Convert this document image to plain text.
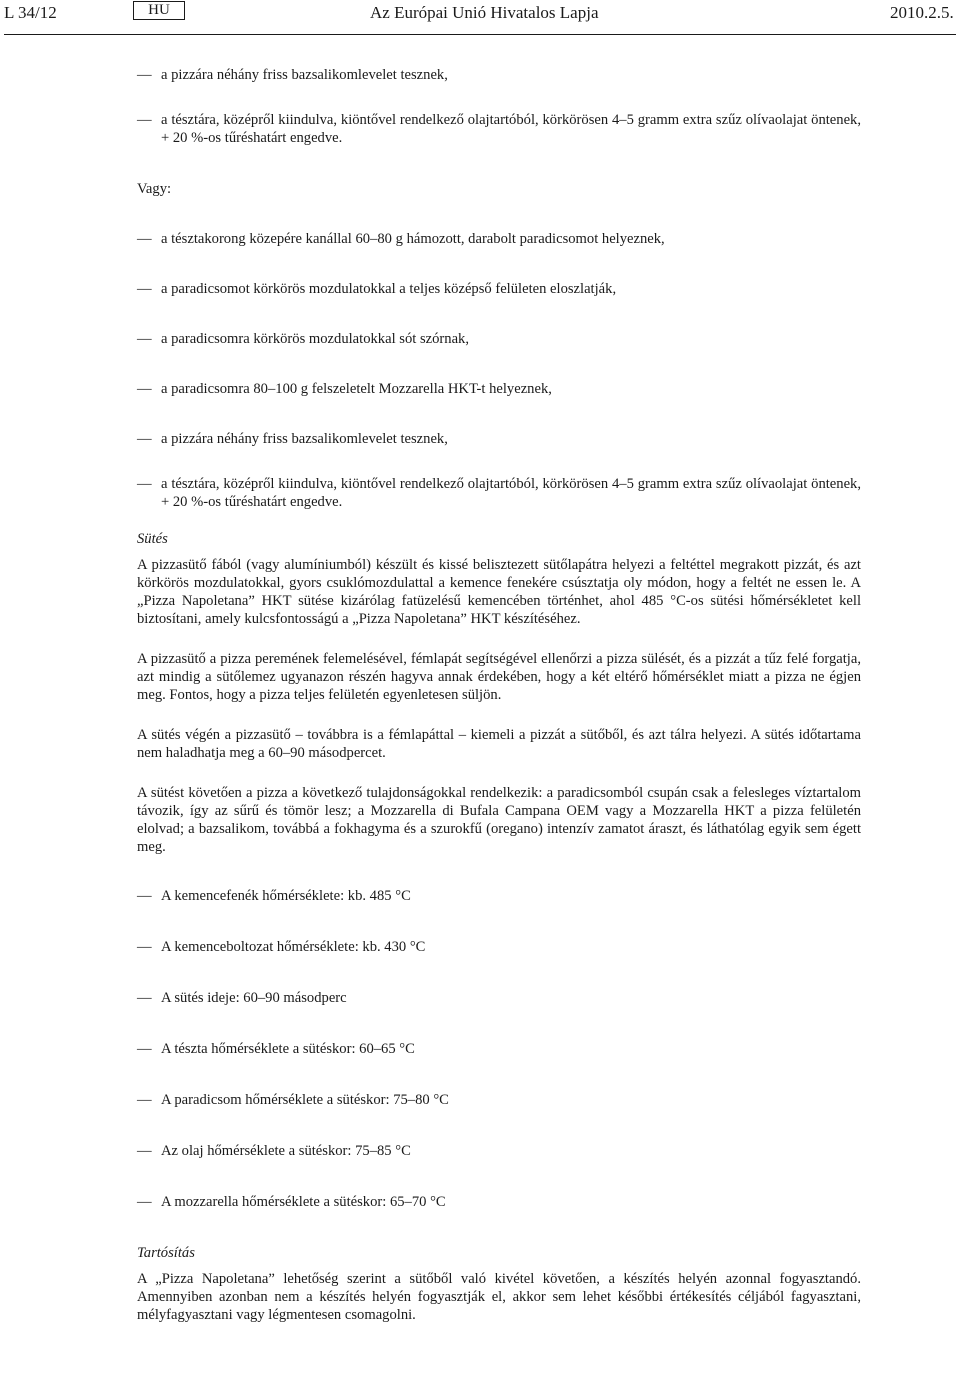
L 34/12	HU	Az Európai Unió Hivatalos Lapja	2010.2.5.
— a pizzára néhány friss bazsalikomlevelet tesznek,
— a tésztára, középről kiindulva, kiöntővel rendelkező olajtartóból, körkörösen 4–5 gramm extra szűz olívaolajat öntenek, + 20 %-os tűréshatárt engedve.
Vagy:
— a tésztakorong közepére kanállal 60–80 g hámozott, darabolt paradicsomot helyeznek,
— a paradicsomot körkörös mozdulatokkal a teljes középső felületen eloszlatják,
— a paradicsomra körkörös mozdulatokkal sót szórnak,
— a paradicsomra 80–100 g felszeletelt Mozzarella HKT-t helyeznek,
— a pizzára néhány friss bazsalikomlevelet tesznek,
— a tésztára, középről kiindulva, kiöntővel rendelkező olajtartóból, körkörösen 4–5 gramm extra szűz olívaolajat öntenek, + 20 %-os tűréshatárt engedve.
Sütés
A pizzasütő fából (vagy alumíniumból) készült és kissé belisztezett sütőlapátra helyezi a feltéttel megrakott pizzát, és azt körkörös mozdulatokkal, gyors csuklómozdulattal a kemence fenekére csúsztatja oly módon, hogy a feltét ne essen le. A „Pizza Napoletana” HKT sütése kizárólag fatüzelésű kemencében történhet, ahol 485 °C-os sütési hőmérsékletet kell biztosítani, amely kulcsfontosságú a „Pizza Napoletana” HKT készítéséhez.
A pizzasütő a pizza peremének felemelésével, fémlapát segítségével ellenőrzi a pizza sülését, és a pizzát a tűz felé forgatja, azt mindig a sütőlemez ugyanazon részén hagyva annak érdekében, hogy a két eltérő hőmérséklet miatt a pizza ne égjen meg. Fontos, hogy a pizza teljes felületén egyenletesen süljön.
A sütés végén a pizzasütő – továbbra is a fémlapáttal – kiemeli a pizzát a sütőből, és azt tálra helyezi. A sütés időtartama nem haladhatja meg a 60–90 másodpercet.
A sütést követően a pizza a következő tulajdonságokkal rendelkezik: a paradicsomból csupán csak a felesleges víztartalom távozik, így az sűrű és tömör lesz; a Mozzarella di Bufala Campana OEM vagy a Mozzarella HKT a pizza felületén elolvad; a bazsalikom, továbbá a fokhagyma és a szurokfű (oregano) intenzív zamatot áraszt, és láthatólag egyik sem égett meg.
— A kemencefenék hőmérséklete: kb. 485 °C
— A kemenceboltozat hőmérséklete: kb. 430 °C
— A sütés ideje: 60–90 másodperc
— A tészta hőmérséklete a sütéskor: 60–65 °C
— A paradicsom hőmérséklete a sütéskor: 75–80 °C
— Az olaj hőmérséklete a sütéskor: 75–85 °C
— A mozzarella hőmérséklete a sütéskor: 65–70 °C
Tartósítás
A „Pizza Napoletana” lehetőség szerint a sütőből való kivétel követően, a készítés helyén azonnal fogyasztandó. Amennyiben azonban nem a készítés helyén fogyasztják el, akkor sem lehet későbbi értékesítés céljából fagyasztani, mélyfagyasztani vagy légmentesen csomagolni.
